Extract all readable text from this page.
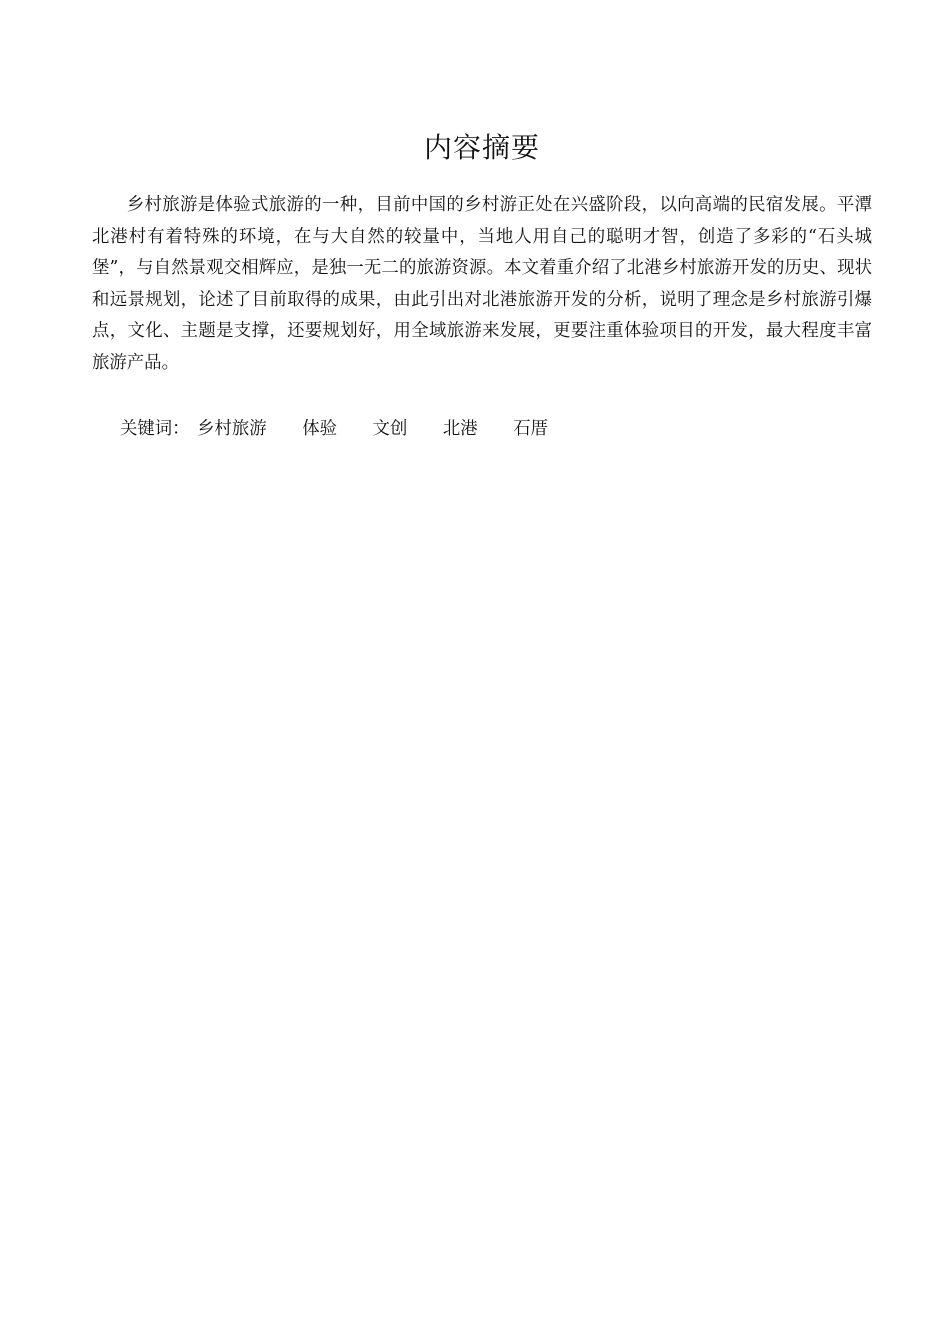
内容摘要

乡村旅游是体验式旅游的一种，目前中国的乡村游正处在兴盛阶段，以向高端的民宿发展。平潭北港村有着特殊的环境，在与大自然的较量中，当地人用自己的聪明才智，创造了多彩的“石头城堡”，与自然景观交相辉应，是独一无二的旅游资源。本文着重介绍了北港乡村旅游开发的历史、现状和远景规划，论述了目前取得的成果，由此引出对北港旅游开发的分析，说明了理念是乡村旅游引爆点，文化、主题是支撑，还要规划好，用全域旅游来发展，更要注重体验项目的开发，最大程度丰富旅游产品。

关键词： 乡村旅游 体验 文创 北港 石厝
